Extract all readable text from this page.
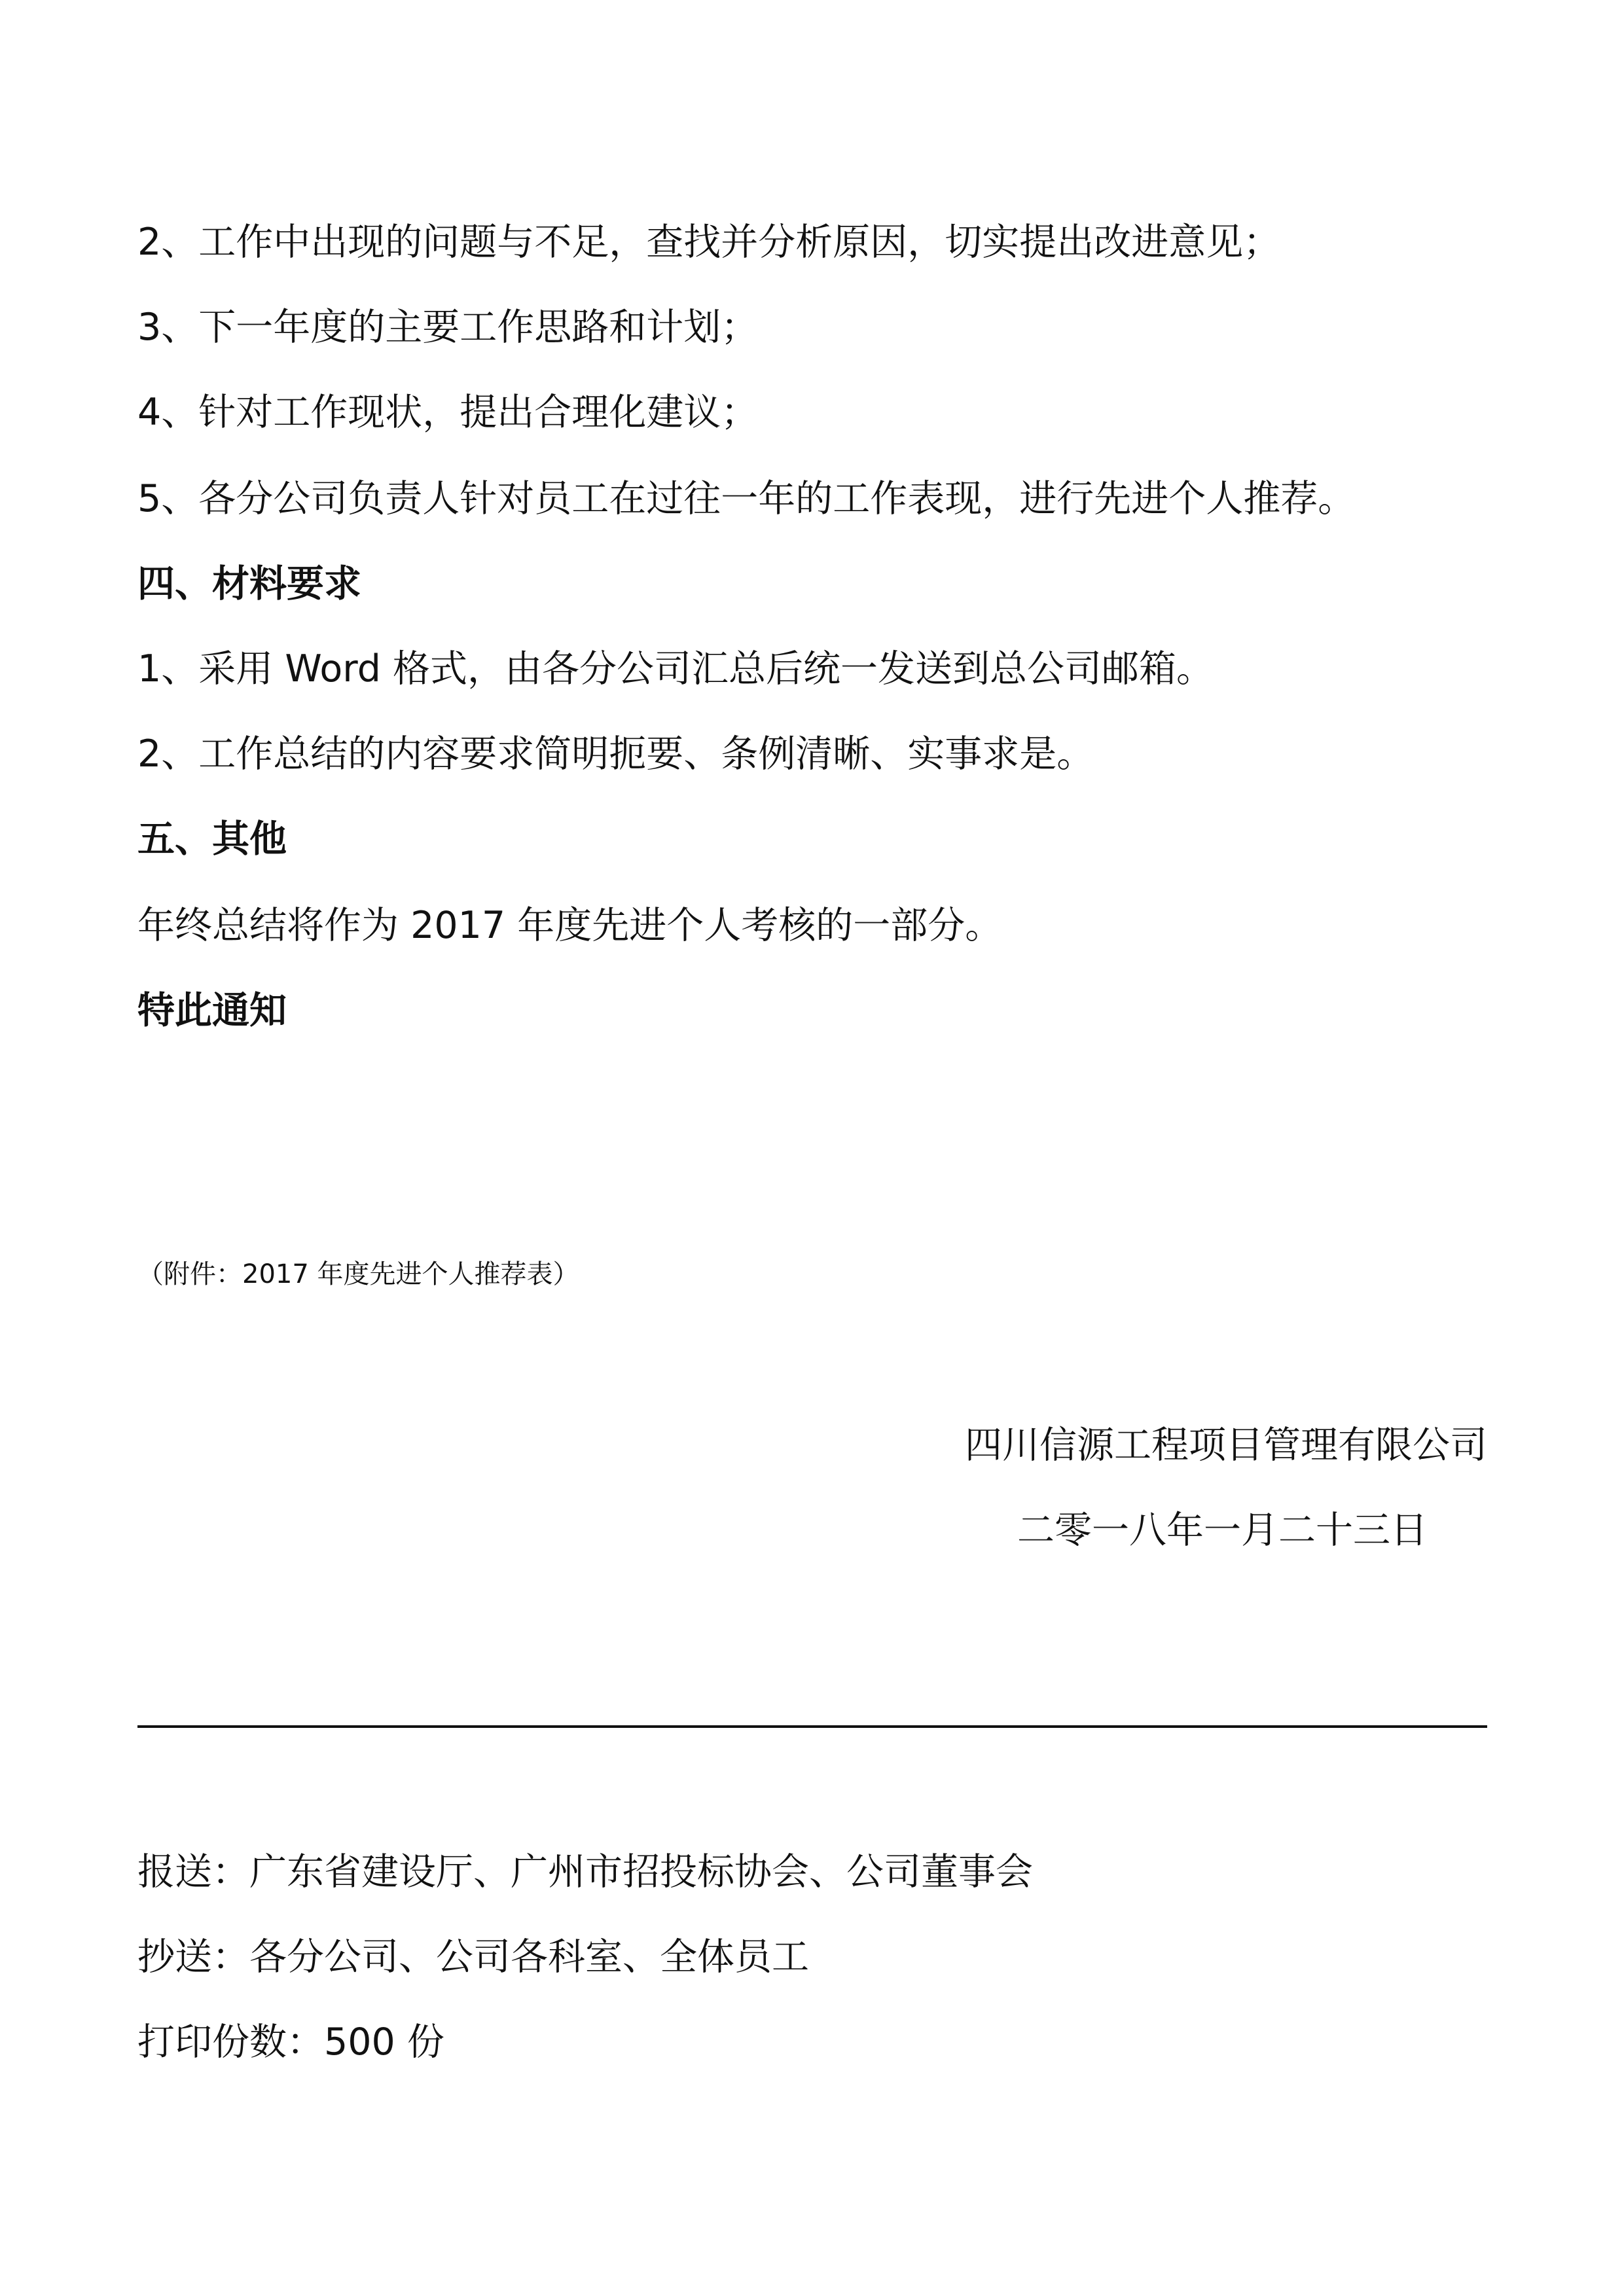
2、工作中出现的问题与不足，查找并分析原因，切实提出改进意见；
3、下一年度的主要工作思路和计划；
4、针对工作现状，提出合理化建议；
5、各分公司负责人针对员工在过往一年的工作表现，进行先进个人推荐。
四、材料要求
1、采用 Word 格式，由各分公司汇总后统一发送到总公司邮箱。
2、工作总结的内容要求简明扼要、条例清晰、实事求是。
五、其他
年终总结将作为 2017 年度先进个人考核的一部分。
特此通知
（附件：2017 年度先进个人推荐表）
四川信源工程项目管理有限公司
二零一八年一月二十三日
报送：广东省建设厅、广州市招投标协会、公司董事会
抄送：各分公司、公司各科室、全体员工
打印份数：500 份
